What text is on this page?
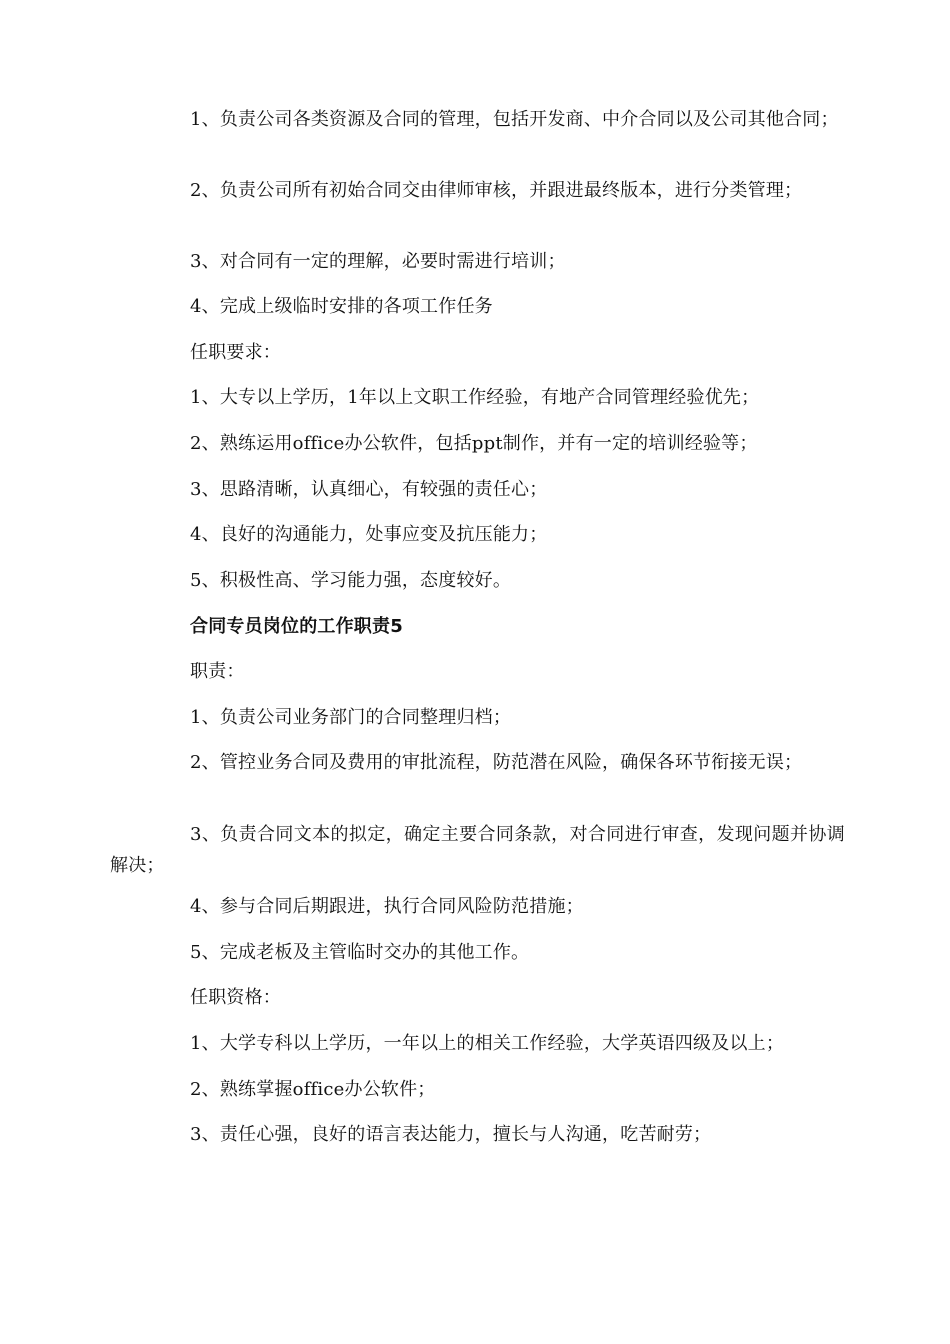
1、负责公司各类资源及合同的管理，包括开发商、中介合同以及公司其他合同；

2、负责公司所有初始合同交由律师审核，并跟进最终版本，进行分类管理；

3、对合同有一定的理解，必要时需进行培训；

4、完成上级临时安排的各项工作任务

任职要求：

1、大专以上学历，1年以上文职工作经验，有地产合同管理经验优先；

2、熟练运用office办公软件，包括ppt制作，并有一定的培训经验等；

3、思路清晰，认真细心，有较强的责任心；

4、良好的沟通能力，处事应变及抗压能力；

5、积极性高、学习能力强，态度较好。

合同专员岗位的工作职责5

职责：

1、负责公司业务部门的合同整理归档；

2、管控业务合同及费用的审批流程，防范潜在风险，确保各环节衔接无误；

3、负责合同文本的拟定，确定主要合同条款，对合同进行审查，发现问题并协调解决；

4、参与合同后期跟进，执行合同风险防范措施；

5、完成老板及主管临时交办的其他工作。

任职资格：

1、大学专科以上学历，一年以上的相关工作经验，大学英语四级及以上；

2、熟练掌握office办公软件；

3、责任心强，良好的语言表达能力，擅长与人沟通，吃苦耐劳；
